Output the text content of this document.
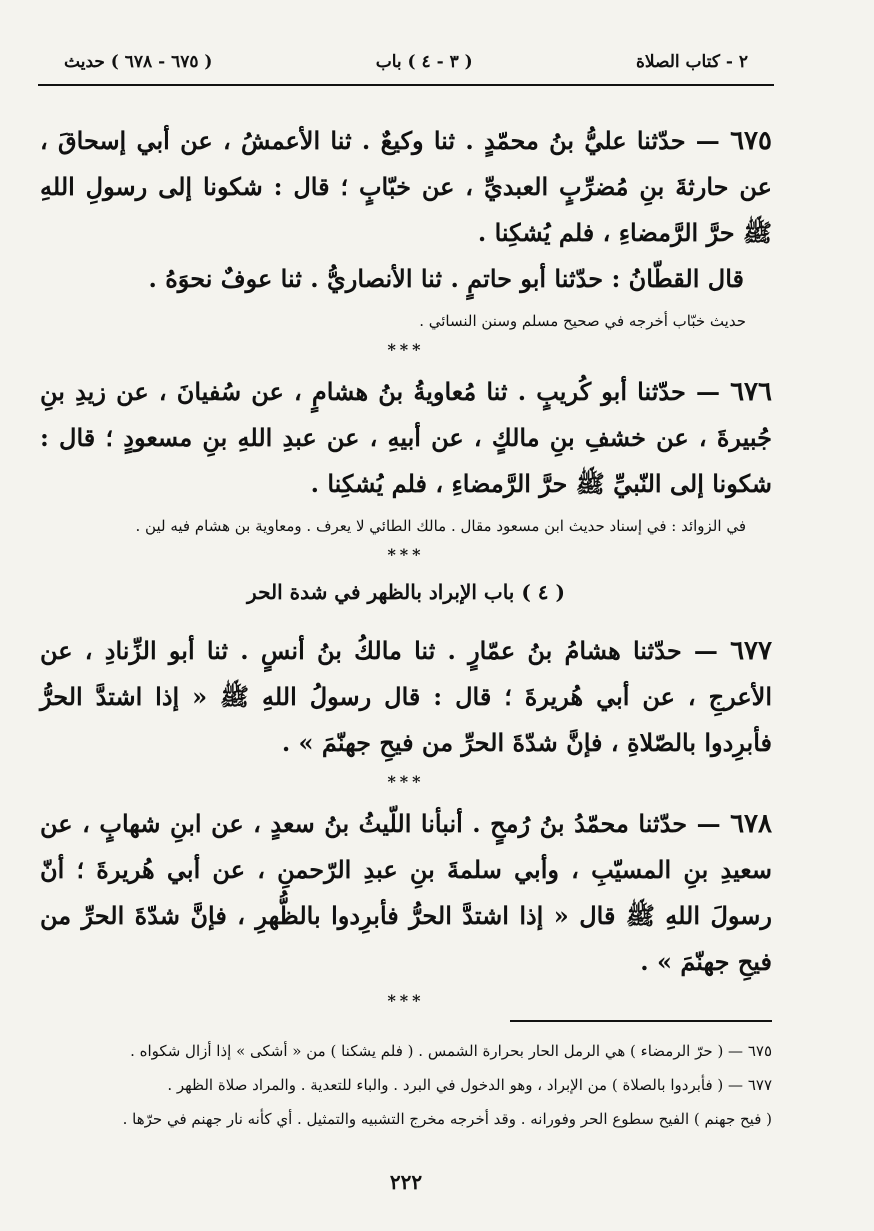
٢ - كتاب الصلاة
( ٣ - ٤ ) باب
( ٦٧٥ - ٦٧٨ ) حديث

٦٧٥ — حدّثنا عليُّ بنُ محمّدٍ . ثنا وكيعٌ . ثنا الأعمشُ ، عن أبي إسحاقَ ، عن حارثةَ بنِ مُضرِّبٍ العبديِّ ، عن خبّابٍ ؛ قال : شكونا إلى رسولِ اللهِ ﷺ حرَّ الرَّمضاءِ ، فلم يُشكِنا .
قال القطّانُ : حدّثنا أبو حاتمٍ . ثنا الأنصاريُّ . ثنا عوفٌ نحوَهُ .

حديث خبّاب أخرجه في صحيح مسلم وسنن النسائي .
***

٦٧٦ — حدّثنا أبو كُريبٍ . ثنا مُعاويةُ بنُ هشامٍ ، عن سُفيانَ ، عن زيدِ بنِ جُبيرةَ ، عن خشفِ بنِ مالكٍ ، عن أبيهِ ، عن عبدِ اللهِ بنِ مسعودٍ ؛ قال : شكونا إلى النّبيِّ ﷺ حرَّ الرَّمضاءِ ، فلم يُشكِنا .

في الزوائد : في إسناد حديث ابن مسعود مقال . مالك الطائي لا يعرف . ومعاوية بن هشام فيه لين .
***
( ٤ ) باب الإبراد بالظهر في شدة الحر

٦٧٧ — حدّثنا هشامُ بنُ عمّارٍ . ثنا مالكُ بنُ أنسٍ . ثنا أبو الزِّنادِ ، عن الأعرجِ ، عن أبي هُريرةَ ؛ قال : قال رسولُ اللهِ ﷺ « إذا اشتدَّ الحرُّ فأبرِدوا بالصّلاةِ ، فإنَّ شدّةَ الحرِّ من فيحِ جهنّمَ » .

***

٦٧٨ — حدّثنا محمّدُ بنُ رُمحٍ . أنبأنا اللّيثُ بنُ سعدٍ ، عن ابنِ شهابٍ ، عن سعيدِ بنِ المسيّبِ ، وأبي سلمةَ بنِ عبدِ الرّحمنِ ، عن أبي هُريرةَ ؛ أنّ رسولَ اللهِ ﷺ قال « إذا اشتدَّ الحرُّ فأبرِدوا بالظُّهرِ ، فإنَّ شدّةَ الحرِّ من فيحِ جهنّمَ » .

***
٦٧٥ — ( حرّ الرمضاء ) هي الرمل الحار بحرارة الشمس . ( فلم يشكنا ) من « أشكى » إذا أزال شكواه .
٦٧٧ — ( فأبردوا بالصلاة ) من الإبراد ، وهو الدخول في البرد . والباء للتعدية . والمراد صلاة الظهر .
( فيح جهنم ) الفيح سطوع الحر وفورانه . وقد أخرجه مخرج التشبيه والتمثيل . أي كأنه نار جهنم في حرّها .
٢٢٢
